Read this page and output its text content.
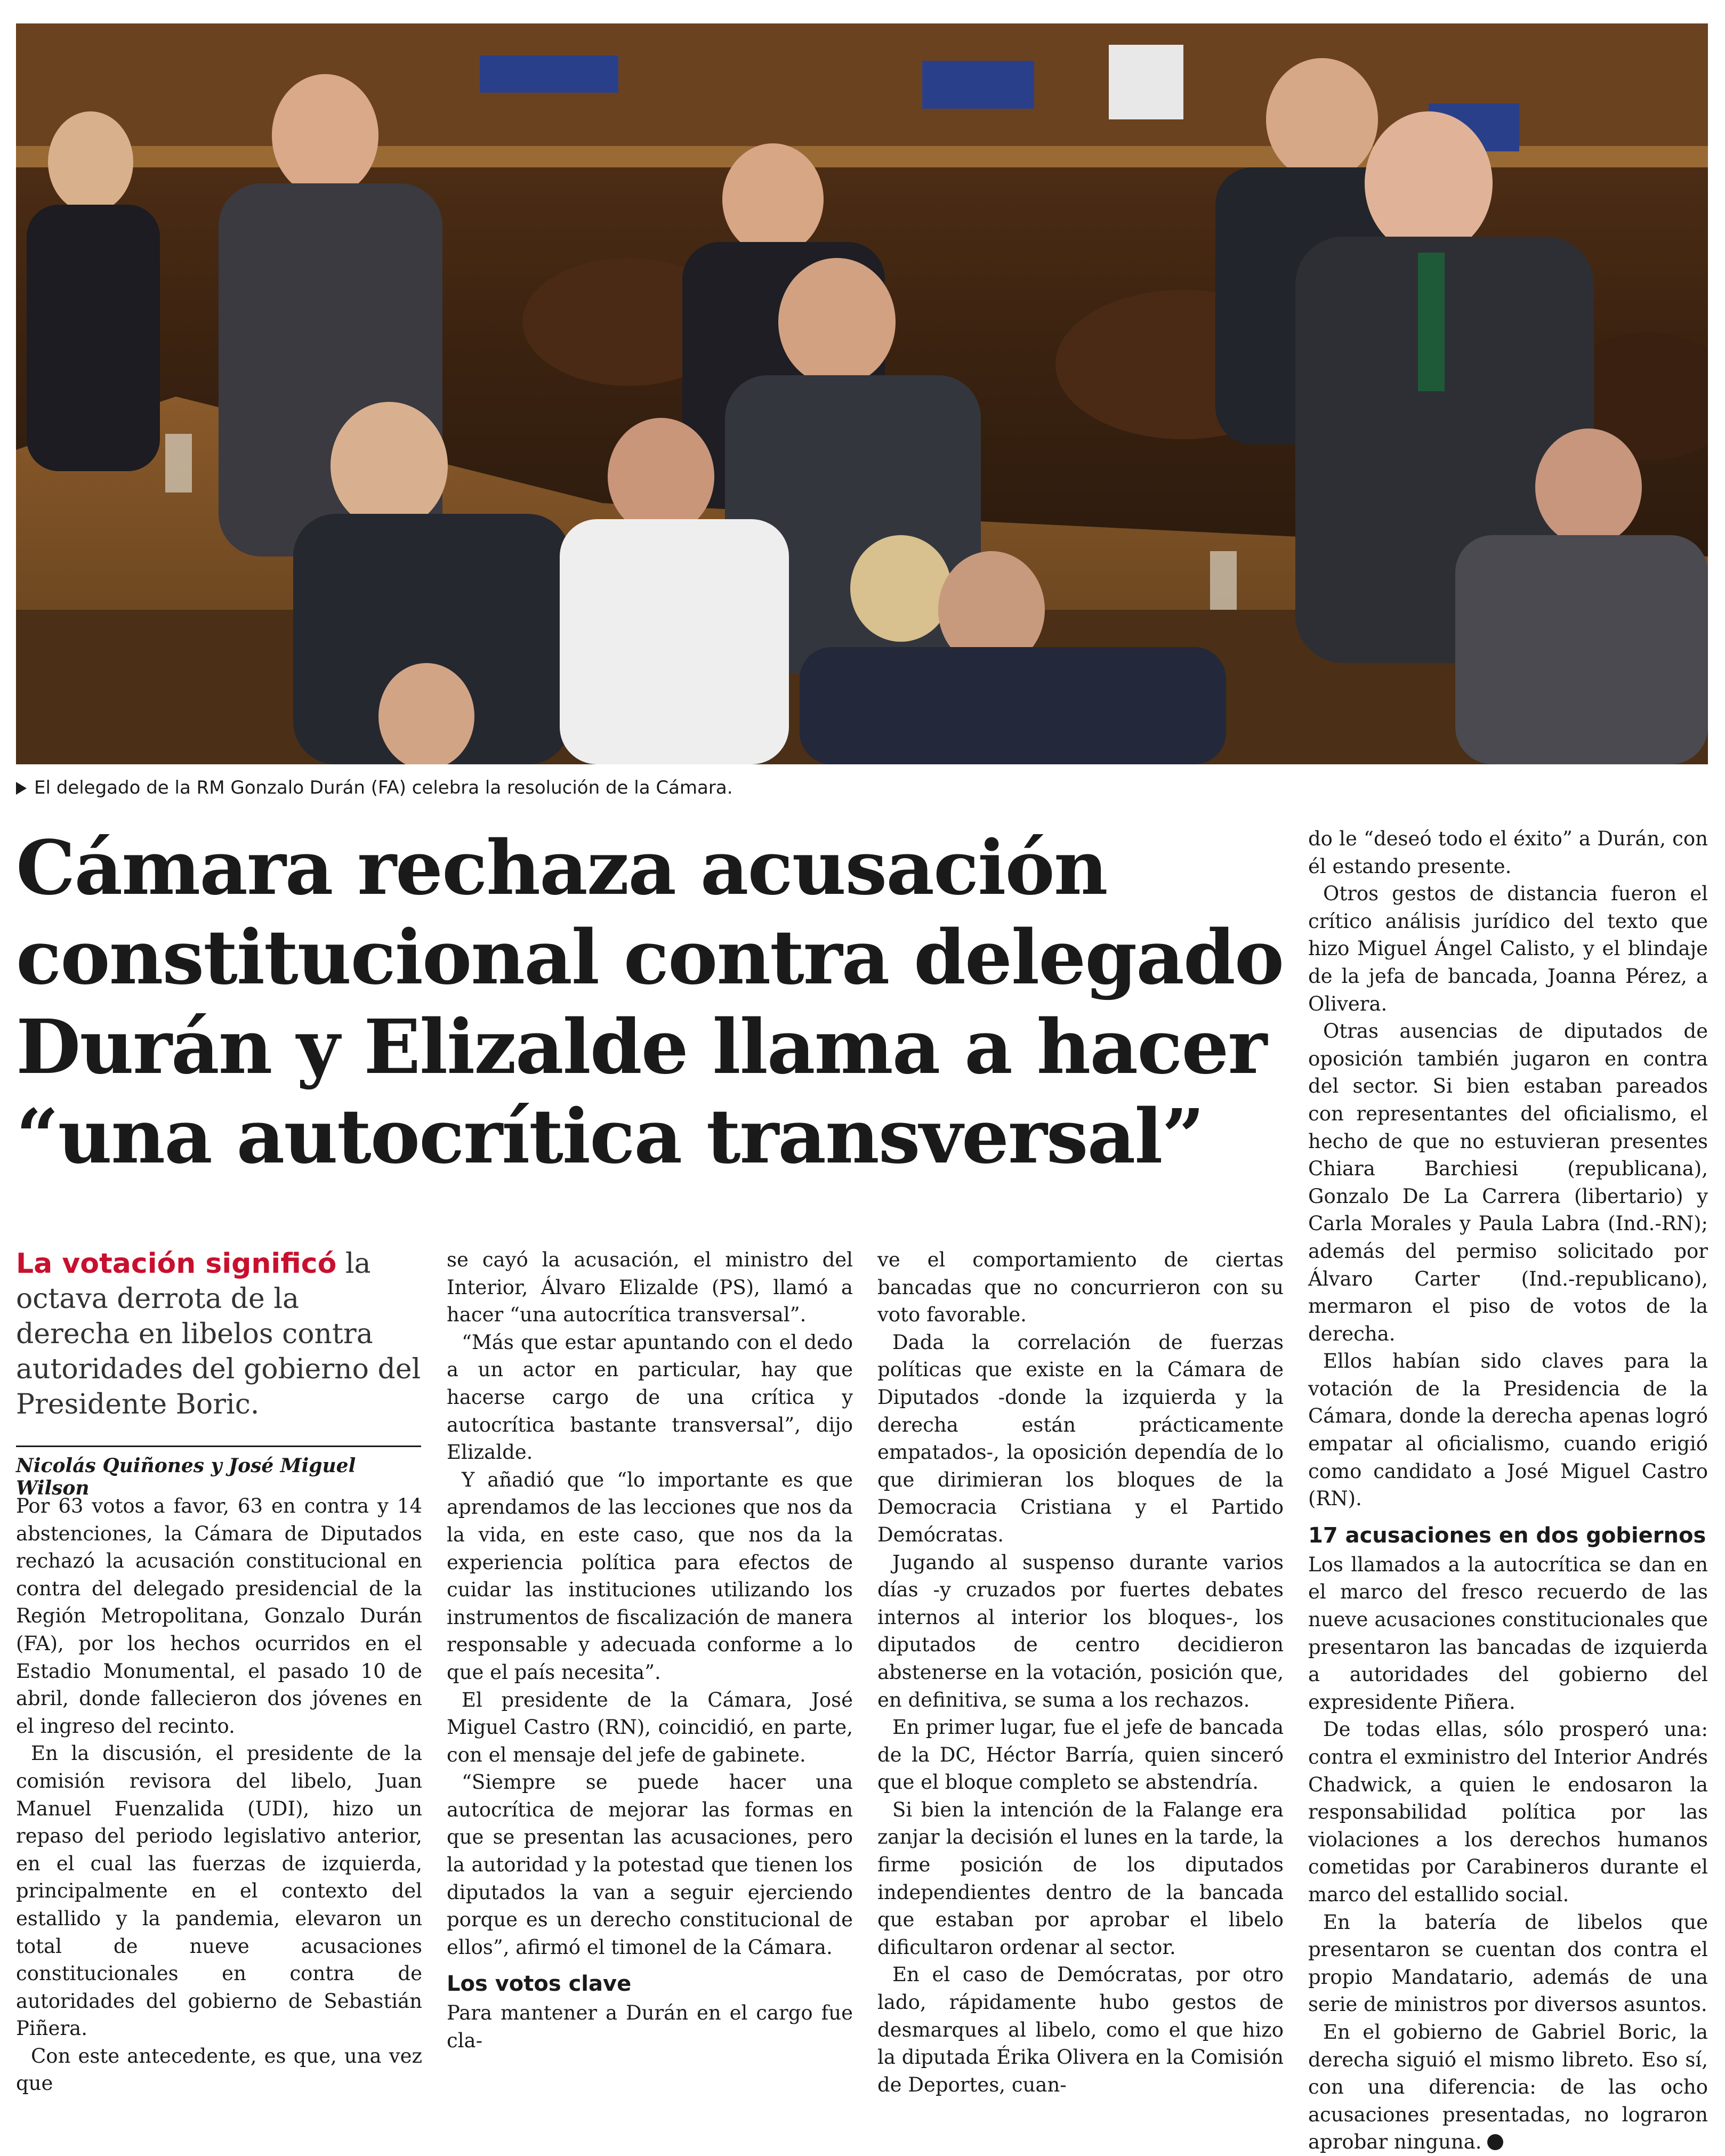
El delegado de la RM Gonzalo Durán (FA) celebra la resolución de la Cámara.
Cámara rechaza acusación constitucional contra delegado Durán y Elizalde llama a hacer “una autocrítica transversal”
La votación significó la octava derrota de la derecha en libelos contra autoridades del gobierno del Presidente Boric.
Nicolás Quiñones y José Miguel Wilson

Por 63 votos a favor, 63 en contra y 14 abstenciones, la Cámara de Diputados rechazó la acusación constitucional en contra del delegado presidencial de la Región Metropolitana, Gonzalo Durán (FA), por los hechos ocurridos en el Estadio Monumental, el pasado 10 de abril, donde fallecieron dos jóvenes en el ingreso del recinto.

En la discusión, el presidente de la comisión revisora del libelo, Juan Manuel Fuenzalida (UDI), hizo un repaso del periodo legislativo anterior, en el cual las fuerzas de izquierda, principalmente en el contexto del estallido y la pandemia, elevaron un total de nueve acusaciones constitucionales en contra de autoridades del gobierno de Sebastián Piñera.

Con este antecedente, es que, una vez que

se cayó la acusación, el ministro del Interior, Álvaro Elizalde (PS), llamó a hacer “una autocrítica transversal”.

“Más que estar apuntando con el dedo a un actor en particular, hay que hacerse cargo de una crítica y autocrítica bastante transversal”, dijo Elizalde.

Y añadió que “lo importante es que aprendamos de las lecciones que nos da la vida, en este caso, que nos da la experiencia política para efectos de cuidar las instituciones utilizando los instrumentos de fiscalización de manera responsable y adecuada conforme a lo que el país necesita”.

El presidente de la Cámara, José Miguel Castro (RN), coincidió, en parte, con el mensaje del jefe de gabinete.

“Siempre se puede hacer una autocrítica de mejorar las formas en que se presentan las acusaciones, pero la autoridad y la potestad que tienen los diputados la van a seguir ejerciendo porque es un derecho constitucional de ellos”, afirmó el timonel de la Cámara.

Los votos clave

Para mantener a Durán en el cargo fue cla-

ve el comportamiento de ciertas bancadas que no concurrieron con su voto favorable.

Dada la correlación de fuerzas políticas que existe en la Cámara de Diputados -donde la izquierda y la derecha están prácticamente empatados-, la oposición dependía de lo que dirimieran los bloques de la Democracia Cristiana y el Partido Demócratas.

Jugando al suspenso durante varios días -y cruzados por fuertes debates internos al interior los bloques-, los diputados de centro decidieron abstenerse en la votación, posición que, en definitiva, se suma a los rechazos.

En primer lugar, fue el jefe de bancada de la DC, Héctor Barría, quien sinceró que el bloque completo se abstendría.

Si bien la intención de la Falange era zanjar la decisión el lunes en la tarde, la firme posición de los diputados independientes dentro de la bancada que estaban por aprobar el libelo dificultaron ordenar al sector.

En el caso de Demócratas, por otro lado, rápidamente hubo gestos de desmarques al libelo, como el que hizo la diputada Érika Olivera en la Comisión de Deportes, cuan-

do le “deseó todo el éxito” a Durán, con él estando presente.

Otros gestos de distancia fueron el crítico análisis jurídico del texto que hizo Miguel Ángel Calisto, y el blindaje de la jefa de bancada, Joanna Pérez, a Olivera.

Otras ausencias de diputados de oposición también jugaron en contra del sector. Si bien estaban pareados con representantes del oficialismo, el hecho de que no estuvieran presentes Chiara Barchiesi (republicana), Gonzalo De La Carrera (libertario) y Carla Morales y Paula Labra (Ind.-RN); además del permiso solicitado por Álvaro Carter (Ind.-republicano), mermaron el piso de votos de la derecha.

Ellos habían sido claves para la votación de la Presidencia de la Cámara, donde la derecha apenas logró empatar al oficialismo, cuando erigió como candidato a José Miguel Castro (RN).

17 acusaciones en dos gobiernos

Los llamados a la autocrítica se dan en el marco del fresco recuerdo de las nueve acusaciones constitucionales que presentaron las bancadas de izquierda a autoridades del gobierno del expresidente Piñera.

De todas ellas, sólo prosperó una: contra el exministro del Interior Andrés Chadwick, a quien le endosaron la responsabilidad política por las violaciones a los derechos humanos cometidas por Carabineros durante el marco del estallido social.

En la batería de libelos que presentaron se cuentan dos contra el propio Mandatario, además de una serie de ministros por diversos asuntos.

En el gobierno de Gabriel Boric, la derecha siguió el mismo libreto. Eso sí, con una diferencia: de las ocho acusaciones presentadas, no lograron aprobar ninguna.
